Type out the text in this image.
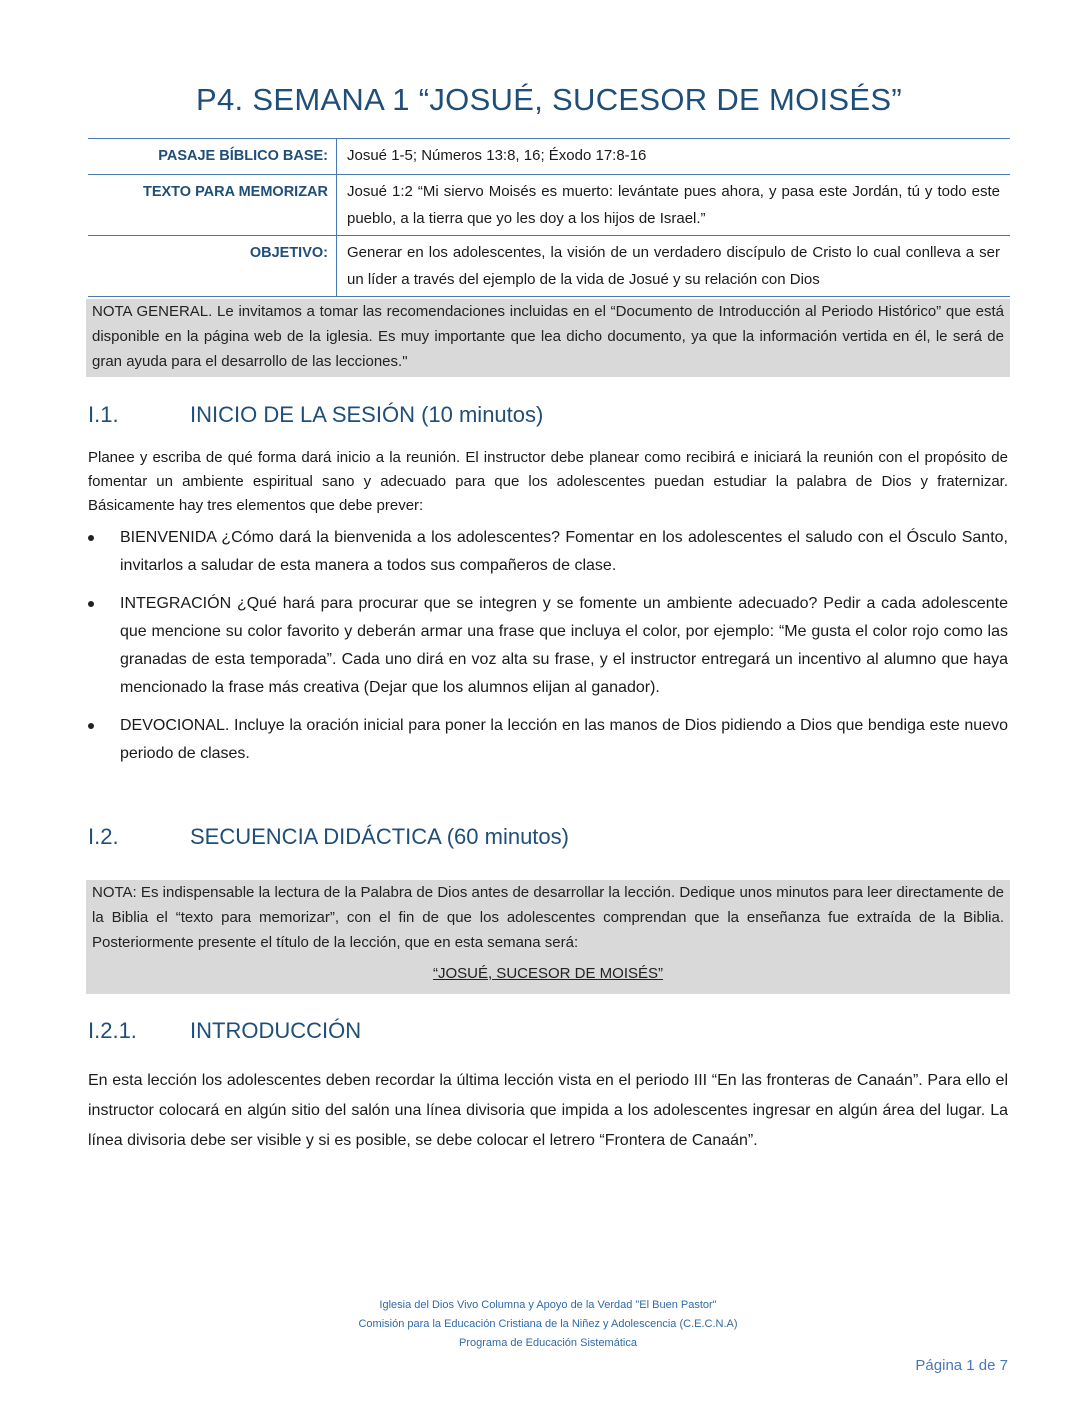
P4. SEMANA 1 “JOSUÉ, SUCESOR DE MOISÉS”
PASAJE BÍBLICO BASE:	Josué 1-5; Números 13:8, 16; Éxodo 17:8-16
TEXTO PARA MEMORIZAR	Josué 1:2 “Mi siervo Moisés es muerto: levántate pues ahora, y pasa este Jordán, tú y todo este pueblo, a la tierra que yo les doy a los hijos de Israel.”
OBJETIVO:	Generar en los adolescentes, la visión de un verdadero discípulo de Cristo lo cual conlleva a ser un líder a través del ejemplo de la vida de Josué y su relación con Dios
NOTA GENERAL. Le invitamos a tomar las recomendaciones incluidas en el “Documento de Introducción al Periodo Histórico” que está disponible en la página web de la iglesia. Es muy importante que lea dicho documento, ya que la información vertida en él, le será de gran ayuda para el desarrollo de las lecciones."
I.1.	INICIO DE LA SESIÓN (10 minutos)
Planee y escriba de qué forma dará inicio a la reunión. El instructor debe planear como recibirá e iniciará la reunión con el propósito de fomentar un ambiente espiritual sano y adecuado para que los adolescentes puedan estudiar la palabra de Dios y fraternizar. Básicamente hay tres elementos que debe prever:
BIENVENIDA ¿Cómo dará la bienvenida a los adolescentes? Fomentar en los adolescentes el saludo con el Ósculo Santo, invitarlos a saludar de esta manera a todos sus compañeros de clase.
INTEGRACIÓN ¿Qué hará para procurar que se integren y se fomente un ambiente adecuado? Pedir a cada adolescente que mencione su color favorito y deberán armar una frase que incluya el color, por ejemplo: “Me gusta el color rojo como las granadas de esta temporada”. Cada uno dirá en voz alta su frase, y el instructor entregará un incentivo al alumno que haya mencionado la frase más creativa (Dejar que los alumnos elijan al ganador).
DEVOCIONAL. Incluye la oración inicial para poner la lección en las manos de Dios pidiendo a Dios que bendiga este nuevo periodo de clases.
I.2.	SECUENCIA DIDÁCTICA (60 minutos)
NOTA: Es indispensable la lectura de la Palabra de Dios antes de desarrollar la lección. Dedique unos minutos para leer directamente de la Biblia el “texto para memorizar”, con el fin de que los adolescentes comprendan que la enseñanza fue extraída de la Biblia. Posteriormente presente el título de la lección, que en esta semana será:
“JOSUÉ, SUCESOR DE MOISÉS”
I.2.1. INTRODUCCIÓN
En esta lección los adolescentes deben recordar la última lección vista en el periodo III “En las fronteras de Canaán”. Para ello el instructor colocará en algún sitio del salón una línea divisoria que impida a los adolescentes ingresar en algún área del lugar. La línea divisoria debe ser visible y si es posible, se debe colocar el letrero “Frontera de Canaán”.
Iglesia del Dios Vivo Columna y Apoyo de la Verdad "El Buen Pastor"
Comisión para la Educación Cristiana de la Niñez y Adolescencia (C.E.C.N.A)
Programa de Educación Sistemática
Página 1 de 7
